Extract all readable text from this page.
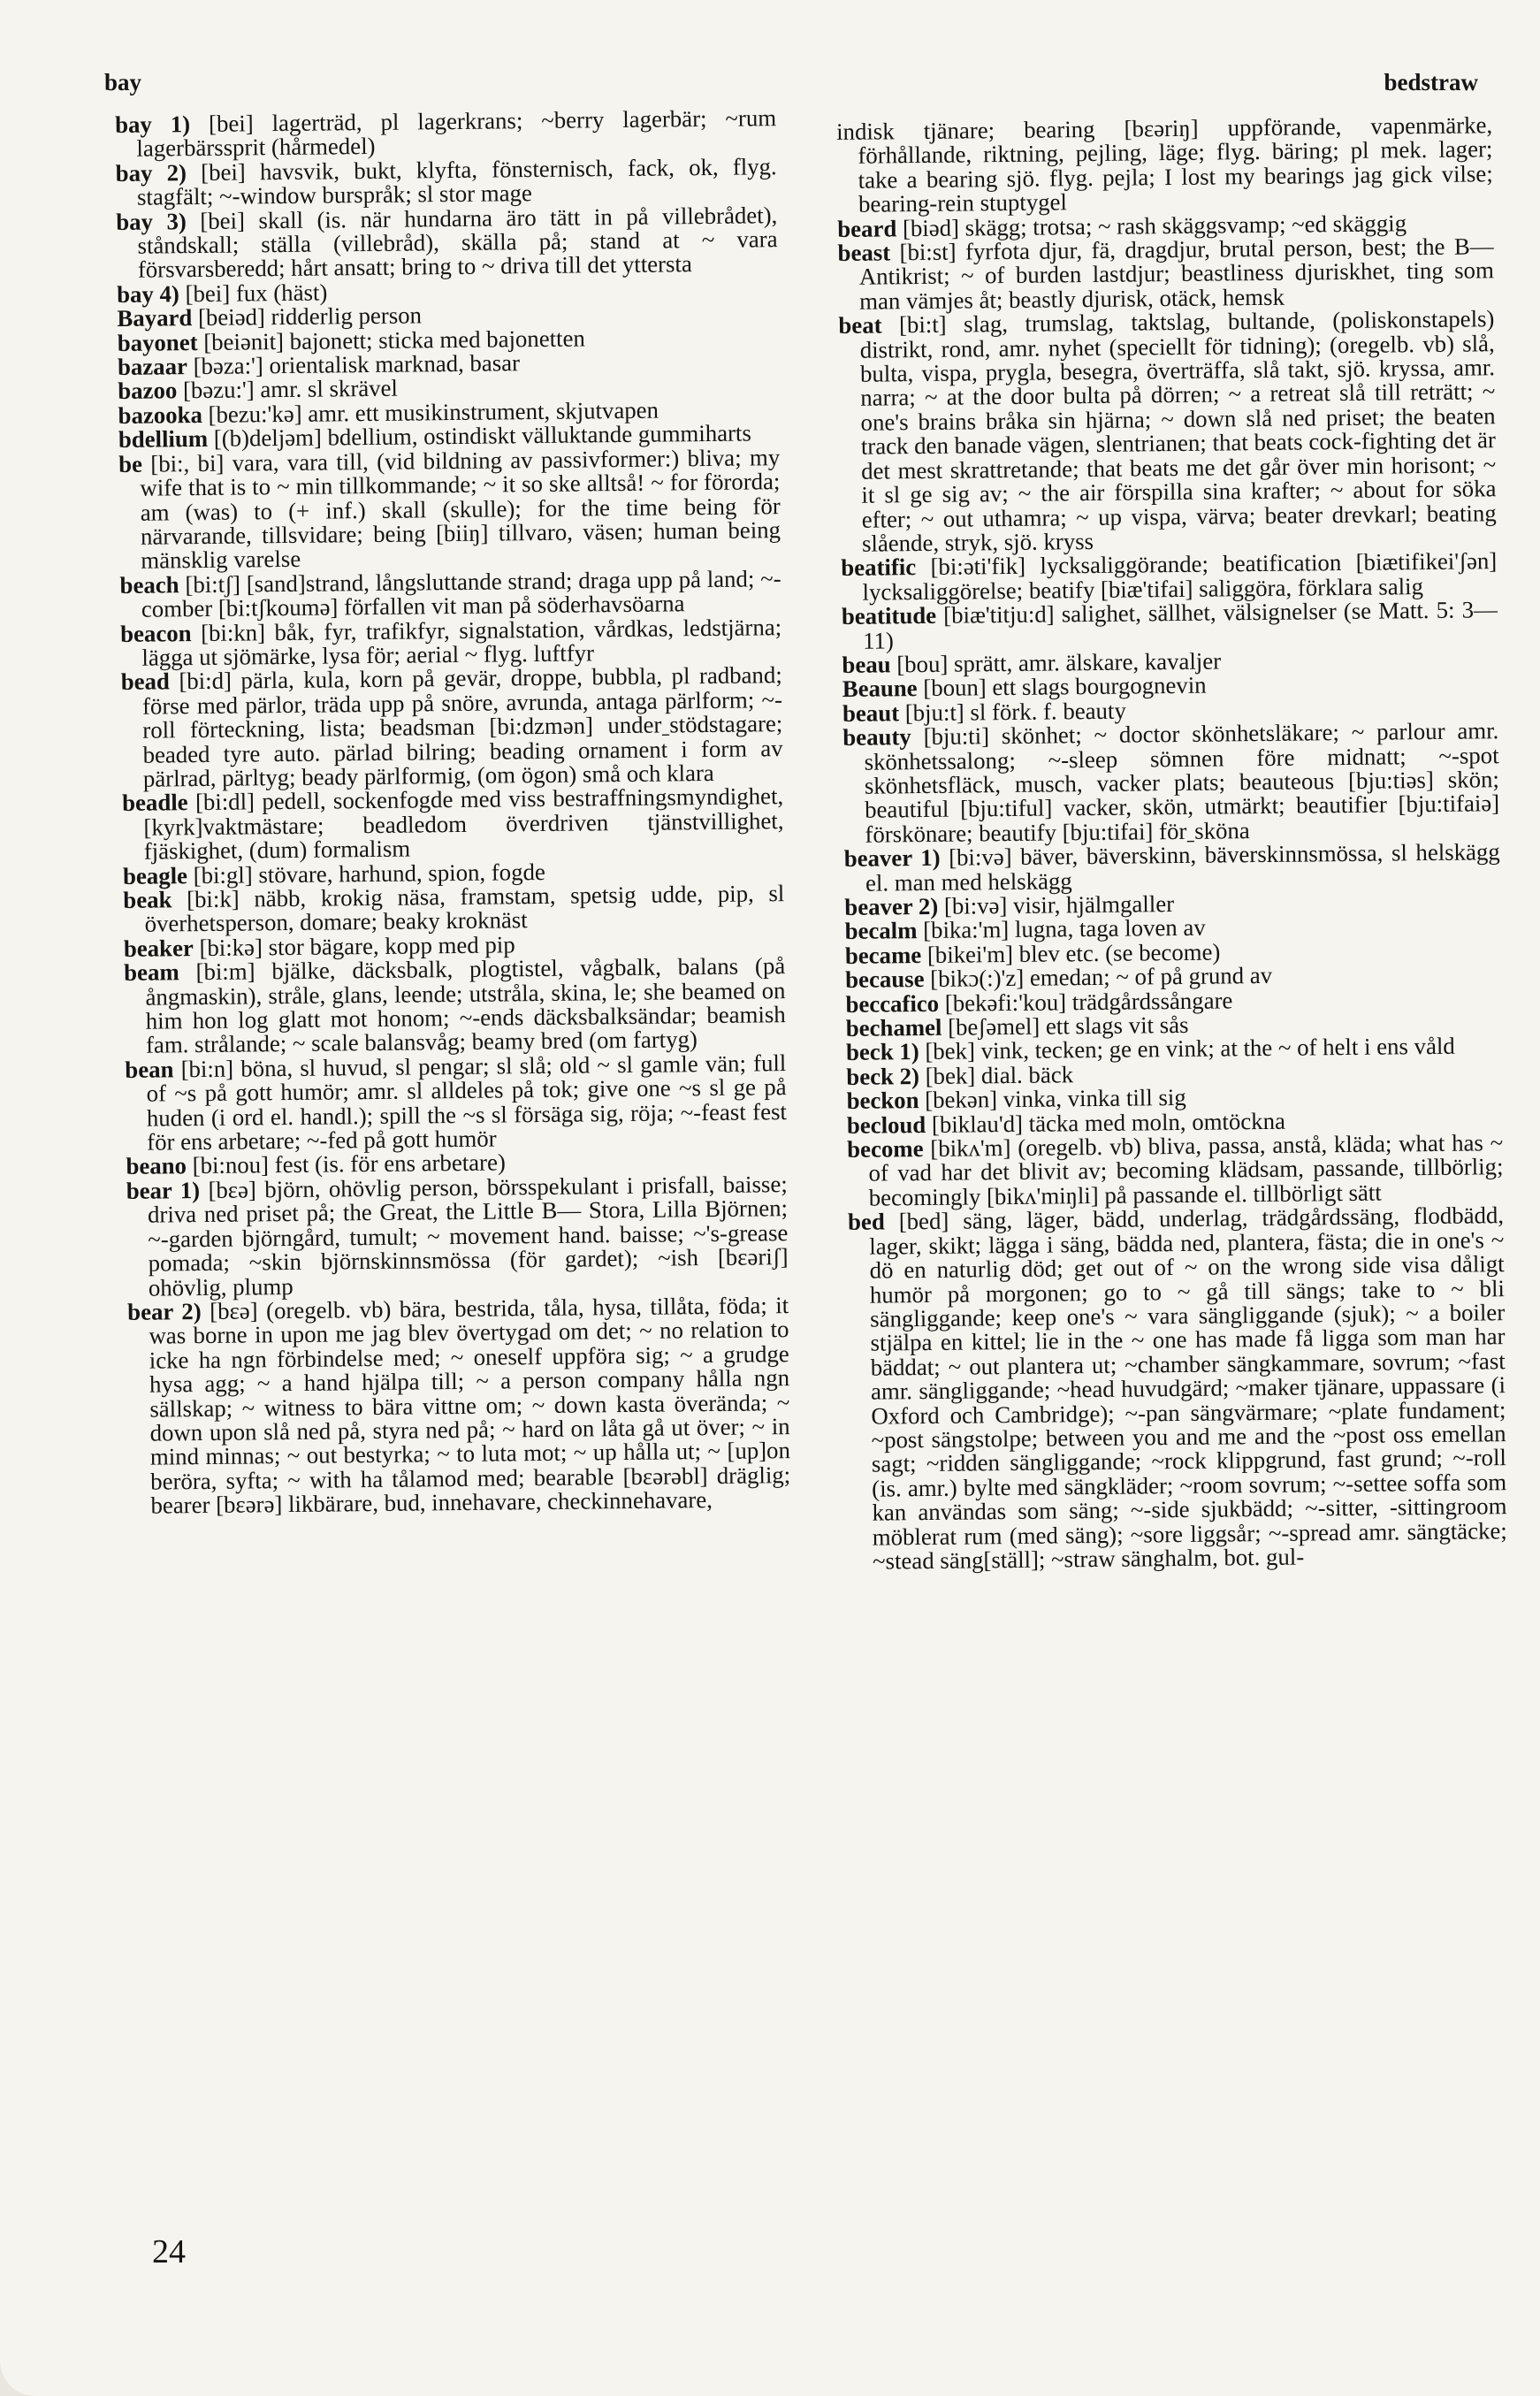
bay	bedstraw

bay 1) [bei] lagerträd, pl lagerkrans; ~berry lagerbär; ~rum lagerbärssprit (hårmedel)

bay 2) [bei] havsvik, bukt, klyfta, fönsternisch, fack, ok, flyg. stagfält; ~-window burspråk; sl stor mage

bay 3) [bei] skall (is. när hundarna äro tätt in på villebrådet), ståndskall; ställa (villebråd), skälla på; stand at ~ vara försvarsberedd; hårt ansatt; bring to ~ driva till det yttersta

bay 4) [bei] fux (häst)

Bayard [beiəd] ridderlig person

bayonet [beiənit] bajonett; sticka med bajonetten

bazaar [bəza:'] orientalisk marknad, basar

bazoo [bəzu:'] amr. sl skrävel

bazooka [bezu:'kə] amr. ett musikinstrument, skjutvapen

bdellium [(b)deljəm] bdellium, ostindiskt välluktande gummiharts

be [bi:, bi] vara, vara till, (vid bildning av passivformer:) bliva; my wife that is to ~ min tillkommande; ~ it so ske alltså! ~ for förorda; am (was) to (+ inf.) skall (skulle); for the time being för närvarande, tillsvidare; being [biiŋ] tillvaro, väsen; human being mänsklig varelse

beach [bi:tʃ] [sand]strand, långsluttande strand; draga upp på land; ~-comber [bi:tʃkoumə] förfallen vit man på söderhavsöarna

beacon [bi:kn] båk, fyr, trafikfyr, signalstation, vårdkas, ledstjärna; lägga ut sjömärke, lysa för; aerial ~ flyg. luftfyr

bead [bi:d] pärla, kula, korn på gevär, droppe, bubbla, pl radband; förse med pärlor, träda upp på snöre, avrunda, antaga pärlform; ~-roll förteckning, lista; beadsman [bi:dzmən] underˍstödstagare; beaded tyre auto. pärlad bilring; beading ornament i form av pärlrad, pärltyg; beady pärlformig, (om ögon) små och klara

beadle [bi:dl] pedell, sockenfogde med viss bestraffningsmyndighet, [kyrk]vaktmästare; beadledom överdriven tjänstvillighet, fjäskighet, (dum) formalism

beagle [bi:gl] stövare, harhund, spion, fogde

beak [bi:k] näbb, krokig näsa, framstam, spetsig udde, pip, sl överhetsperson, domare; beaky kroknäst

beaker [bi:kə] stor bägare, kopp med pip

beam [bi:m] bjälke, däcksbalk, plogtistel, vågbalk, balans (på ångmaskin), stråle, glans, leende; utstråla, skina, le; she beamed on him hon log glatt mot honom; ~-ends däcksbalksändar; beamish fam. strålande; ~ scale balansvåg; beamy bred (om fartyg)

bean [bi:n] böna, sl huvud, sl pengar; sl slå; old ~ sl gamle vän; full of ~s på gott humör; amr. sl alldeles på tok; give one ~s sl ge på huden (i ord el. handl.); spill the ~s sl försäga sig, röja; ~-feast fest för ens arbetare; ~-fed på gott humör

beano [bi:nou] fest (is. för ens arbetare)

bear 1) [bɛə] björn, ohövlig person, börsspekulant i prisfall, baisse; driva ned priset på; the Great, the Little B— Stora, Lilla Björnen; ~-garden björngård, tumult; ~ movement hand. baisse; ~'s-grease pomada; ~skin björnskinnsmössa (för gardet); ~ish [bɛəriʃ] ohövlig, plump

bear 2) [bɛə] (oregelb. vb) bära, bestrida, tåla, hysa, tillåta, föda; it was borne in upon me jag blev övertygad om det; ~ no relation to icke ha ngn förbindelse med; ~ oneself uppföra sig; ~ a grudge hysa agg; ~ a hand hjälpa till; ~ a person company hålla ngn sällskap; ~ witness to bära vittne om; ~ down kasta överända; ~ down upon slå ned på, styra ned på; ~ hard on låta gå ut över; ~ in mind minnas; ~ out bestyrka; ~ to luta mot; ~ up hålla ut; ~ [up]on beröra, syfta; ~ with ha tålamod med; bearable [bɛərəbl] dräglig; bearer [bɛərə] likbärare, bud, innehavare, checkinnehavare,

indisk tjänare; bearing [bɛəriŋ] uppförande, vapenmärke, förhållande, riktning, pejling, läge; flyg. bäring; pl mek. lager; take a bearing sjö. flyg. pejla; I lost my bearings jag gick vilse; bearing-rein stuptygel

beard [biəd] skägg; trotsa; ~ rash skäggsvamp; ~ed skäggig

beast [bi:st] fyrfota djur, fä, dragdjur, brutal person, best; the B— Antikrist; ~ of burden lastdjur; beastliness djuriskhet, ting som man vämjes åt; beastly djurisk, otäck, hemsk

beat [bi:t] slag, trumslag, taktslag, bultande, (poliskonstapels) distrikt, rond, amr. nyhet (speciellt för tidning); (oregelb. vb) slå, bulta, vispa, prygla, besegra, överträffa, slå takt, sjö. kryssa, amr. narra; ~ at the door bulta på dörren; ~ a retreat slå till reträtt; ~ one's brains bråka sin hjärna; ~ down slå ned priset; the beaten track den banade vägen, slentrianen; that beats cock-fighting det är det mest skrattretande; that beats me det går över min horisont; ~ it sl ge sig av; ~ the air förspilla sina krafter; ~ about for söka efter; ~ out uthamra; ~ up vispa, värva; beater drevkarl; beating slående, stryk, sjö. kryss

beatific [bi:əti'fik] lycksaliggörande; beatification [biætifikei'ʃən] lycksaliggörelse; beatify [biæ'tifai] saliggöra, förklara salig

beatitude [biæ'titju:d] salighet, sällhet, välsignelser (se Matt. 5: 3—11)

beau [bou] sprätt, amr. älskare, kavaljer

Beaune [boun] ett slags bourgognevin

beaut [bju:t] sl förk. f. beauty

beauty [bju:ti] skönhet; ~ doctor skönhetsläkare; ~ parlour amr. skönhetssalong; ~-sleep sömnen före midnatt; ~-spot skönhetsfläck, musch, vacker plats; beauteous [bju:tiəs] skön; beautiful [bju:tiful] vacker, skön, utmärkt; beautifier [bju:tifaiə] förskönare; beautify [bju:tifai] förˍsköna

beaver 1) [bi:və] bäver, bäverskinn, bäverskinnsmössa, sl helskägg el. man med helskägg

beaver 2) [bi:və] visir, hjälmgaller

becalm [bika:'m] lugna, taga loven av

became [bikei'm] blev etc. (se become)

because [bikɔ(:)'z] emedan; ~ of på grund av

beccafico [bekəfi:'kou] trädgårdssångare

bechamel [beʃəmel] ett slags vit sås

beck 1) [bek] vink, tecken; ge en vink; at the ~ of helt i ens våld

beck 2) [bek] dial. bäck

beckon [bekən] vinka, vinka till sig

becloud [biklau'd] täcka med moln, omtöckna

become [bikʌ'm] (oregelb. vb) bliva, passa, anstå, kläda; what has ~ of vad har det blivit av; becoming klädsam, passande, tillbörlig; becomingly [bikʌ'miŋli] på passande el. tillbörligt sätt

bed [bed] säng, läger, bädd, underlag, trädgårdssäng, flodbädd, lager, skikt; lägga i säng, bädda ned, plantera, fästa; die in one's ~ dö en naturlig död; get out of ~ on the wrong side visa dåligt humör på morgonen; go to ~ gå till sängs; take to ~ bli sängliggande; keep one's ~ vara sängliggande (sjuk); ~ a boiler stjälpa en kittel; lie in the ~ one has made få ligga som man har bäddat; ~ out plantera ut; ~chamber sängkammare, sovrum; ~fast amr. sängliggande; ~head huvudgärd; ~maker tjänare, uppassare (i Oxford och Cambridge); ~-pan sängvärmare; ~plate fundament; ~post sängstolpe; between you and me and the ~post oss emellan sagt; ~ridden sängliggande; ~rock klippgrund, fast grund; ~-roll (is. amr.) bylte med sängkläder; ~room sovrum; ~-settee soffa som kan användas som säng; ~-side sjukbädd; ~-sitter, -sittingroom möblerat rum (med säng); ~sore liggsår; ~-spread amr. sängtäcke; ~stead säng[ställ]; ~straw sänghalm, bot. gul-

24
